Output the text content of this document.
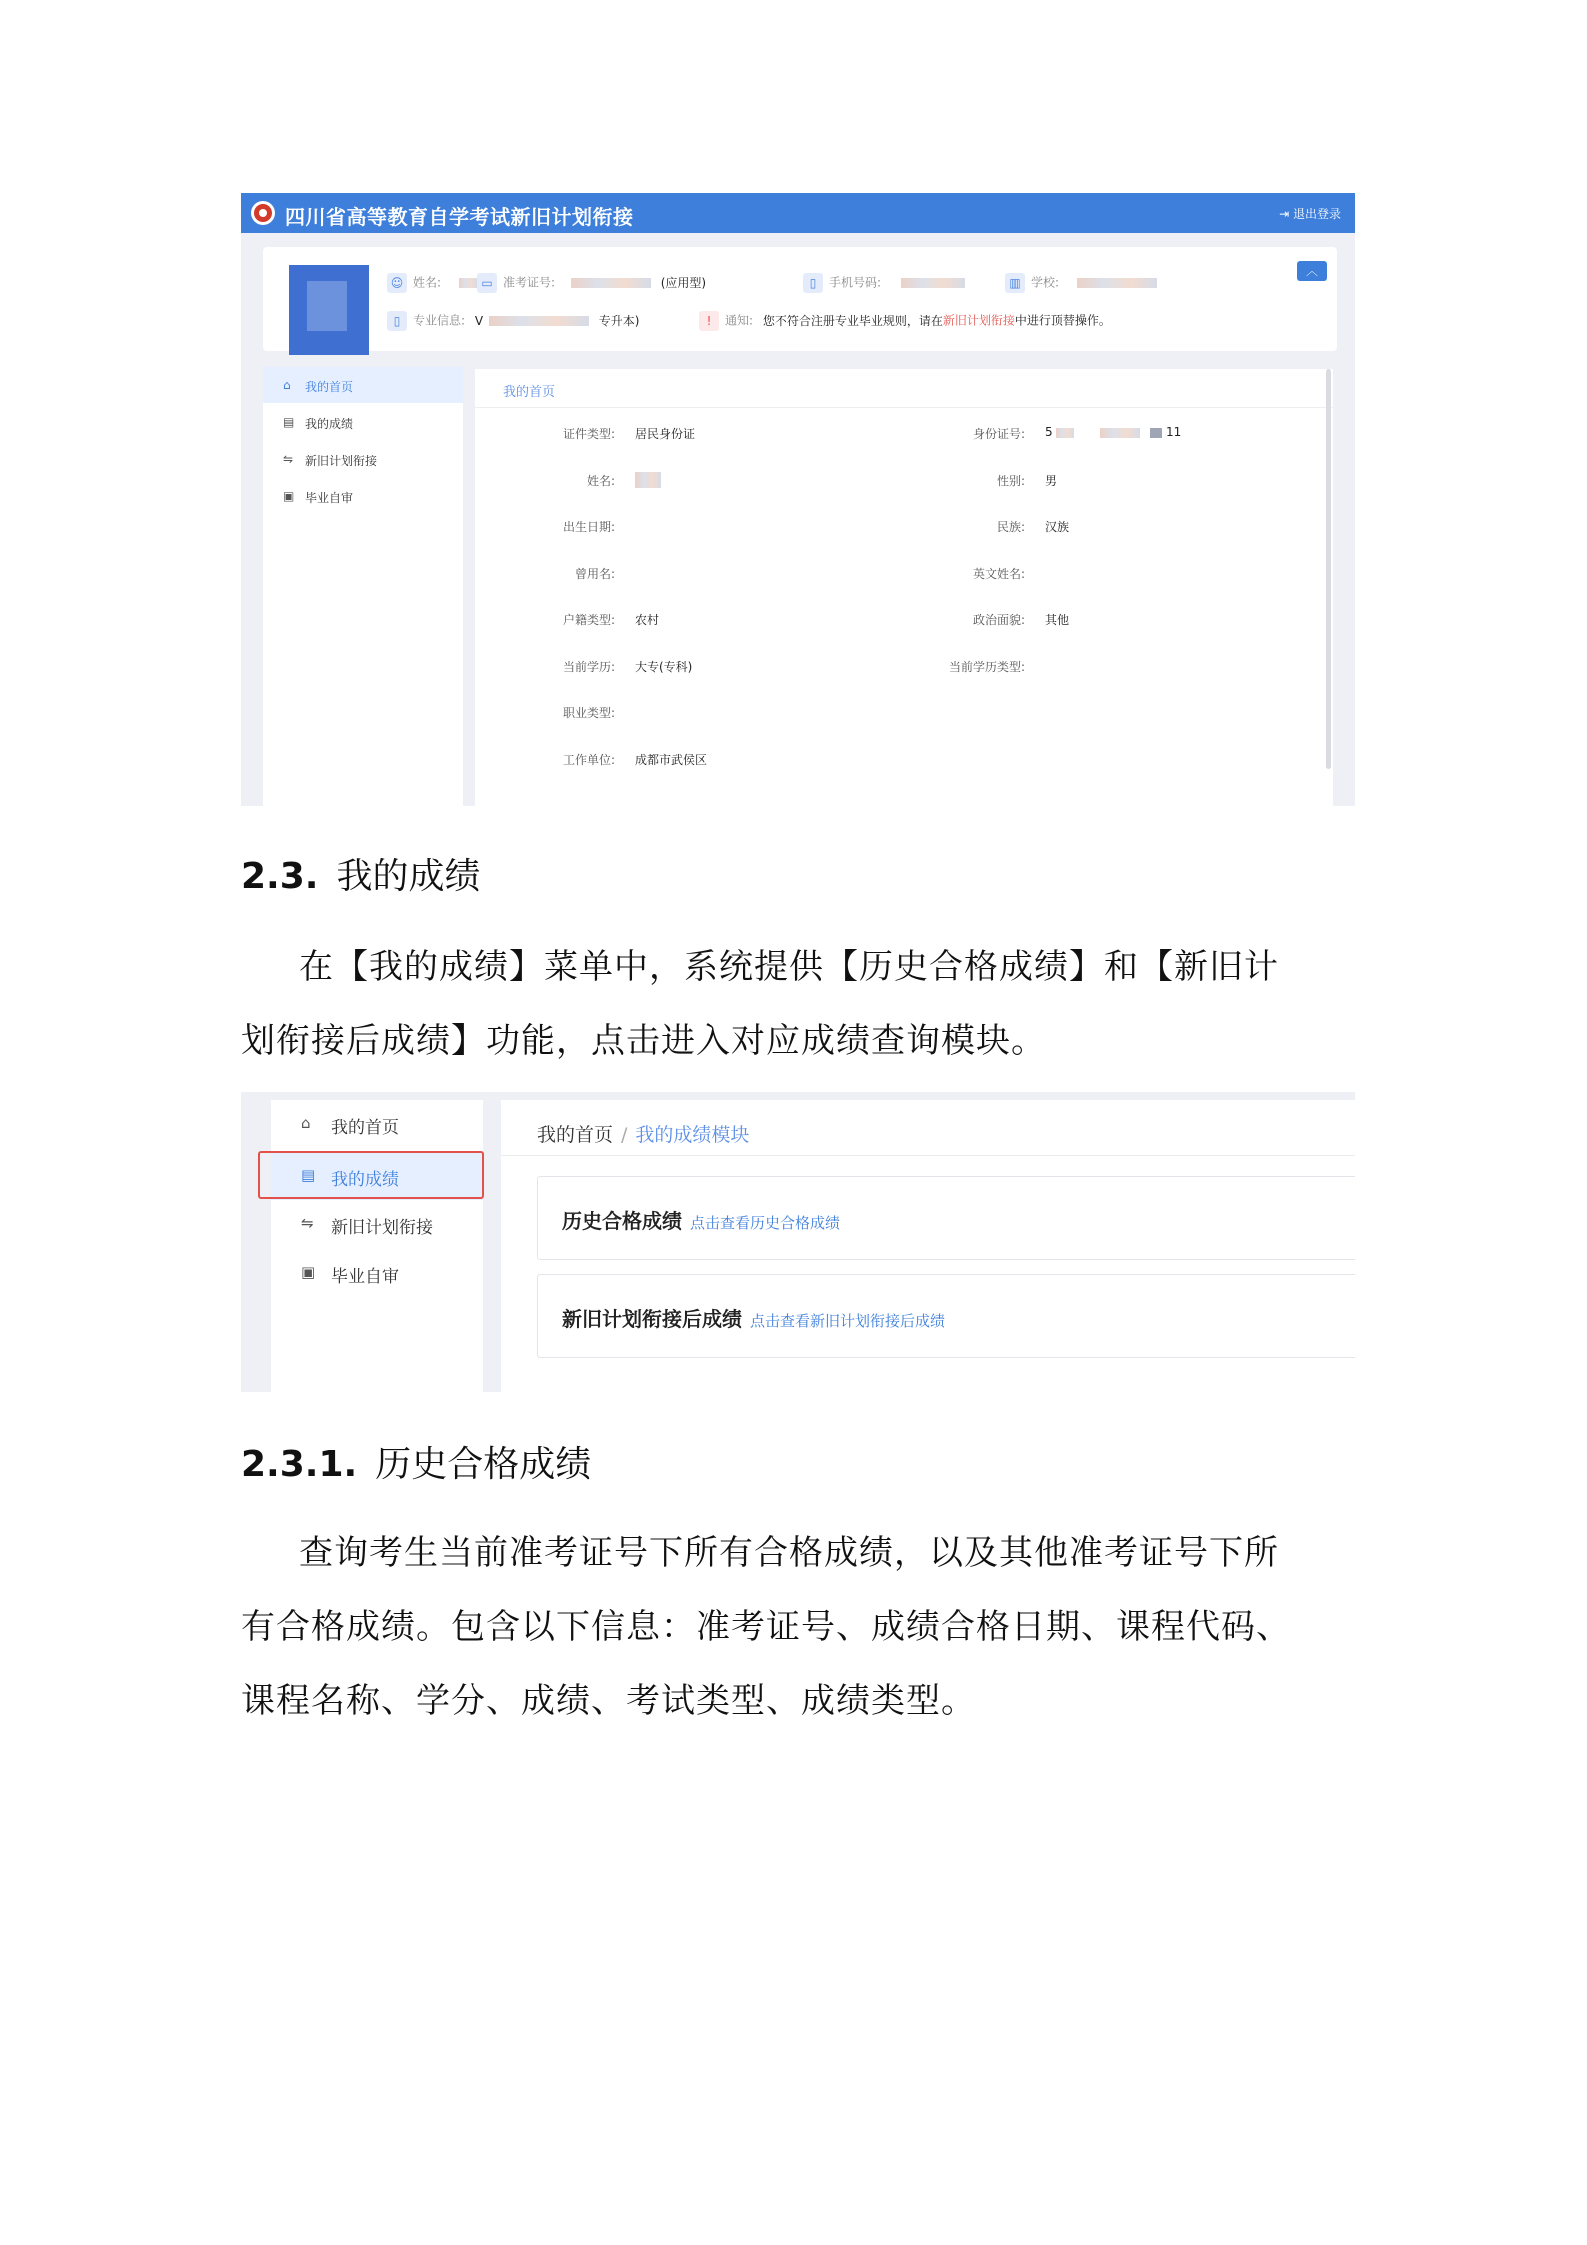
四川省高等教育自学考试新旧计划衔接	⇥ 退出登录
☺ 姓名:	▭ 准考证号:	(应用型)	▯ 手机号码:	▥ 学校:
▯ 专业信息: V	专升本)	! 通知: 您不符合注册专业毕业规则，请在新旧计划衔接中进行顶替操作。
︿
⌂ 我的首页
▤ 我的成绩
⇋ 新旧计划衔接
▣ 毕业自审
我的首页
证件类型: 居民身份证	身份证号: 5	11
姓名:	性别: 男
出生日期:	民族: 汉族
曾用名:	英文姓名:
户籍类型: 农村	政治面貌: 其他
当前学历: 大专(专科)	当前学历类型:
职业类型:
工作单位: 成都市武侯区
2.3. 我的成绩
在【我的成绩】菜单中，系统提供【历史合格成绩】和【新旧计
划衔接后成绩】功能，点击进入对应成绩查询模块。
⌂ 我的首页
▤ 我的成绩
⇋ 新旧计划衔接
▣ 毕业自审
我的首页 / 我的成绩模块
历史合格成绩 点击查看历史合格成绩
新旧计划衔接后成绩 点击查看新旧计划衔接后成绩
2.3.1. 历史合格成绩
查询考生当前准考证号下所有合格成绩，以及其他准考证号下所
有合格成绩。包含以下信息：准考证号、成绩合格日期、课程代码、
课程名称、学分、成绩、考试类型、成绩类型。
